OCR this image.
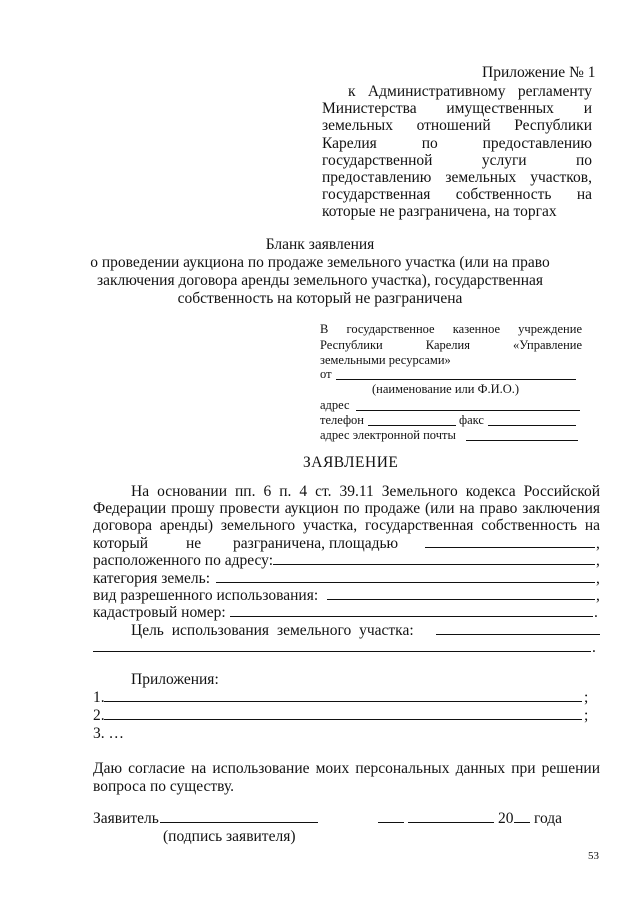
Приложение № 1
к Административному регламенту
Министерства имущественных и
земельных отношений Республики
Карелия по предоставлению
государственной услуги по
предоставлению земельных участков,
государственная собственность на
которые не разграничена, на торгах
Бланк заявления
о проведении аукциона по продаже земельного участка (или на право
заключения договора аренды земельного участка), государственная
собственность на который не разграничена
В государственное казенное учреждение
Республики Карелия «Управление
земельными ресурсами»
от
(наименование или Ф.И.О.)
адрес
телефон	факс
адрес электронной почты
ЗАЯВЛЕНИЕ
На основании пп. 6 п. 4 ст. 39.11 Земельного кодекса Российской
Федерации прошу провести аукцион по продаже (или на право заключения
договора аренды) земельного участка, государственная собственность на
который не разграничена, площадью	,
расположенного по адресу:	,
категория земель:	,
вид разрешенного использования:	,
кадастровый номер:	.
Цель использования земельного участка:
.
Приложения:
1.	;
2.	;
3. …
Даю согласие на использование моих персональных данных при решении
вопроса по существу.
Заявитель	20 года
(подпись заявителя)
53
